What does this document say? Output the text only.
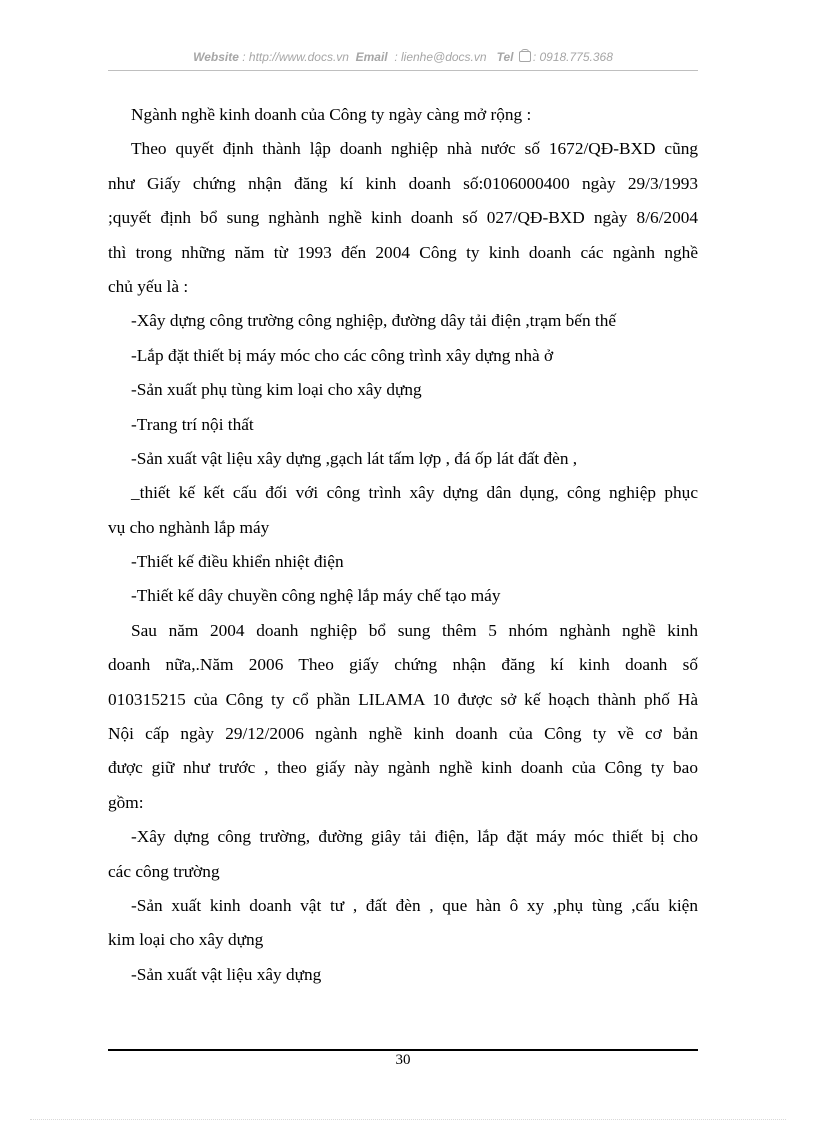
Website : http://www.docs.vn Email : lienhe@docs.vn Tel : 0918.775.368
Ngành nghề kinh doanh của Công ty ngày càng mở rộng :
Theo quyết định thành lập doanh nghiệp nhà nước số 1672/QĐ-BXD cũng
như Giấy chứng nhận đăng kí kinh doanh số:0106000400 ngày 29/3/1993
;quyết định bổ sung nghành nghề kinh doanh số 027/QĐ-BXD ngày 8/6/2004
thì trong những năm từ 1993 đến 2004 Công ty kinh doanh các ngành nghề
chủ yếu là :
-Xây dựng công trường công nghiệp, đường dây tải điện ,trạm bến thế
-Lắp đặt thiết bị máy móc cho các công trình xây dựng nhà ở
-Sản xuất phụ tùng kim loại cho xây dựng
-Trang trí nội thất
-Sản xuất vật liệu xây dựng ,gạch lát tấm lợp , đá ốp lát đất đèn ,
_thiết kế kết cấu đối với công trình xây dựng dân dụng, công nghiệp phục
vụ cho nghành lắp máy
-Thiết kế điều khiển nhiệt điện
-Thiết kế dây chuyền công nghệ lắp máy chế tạo máy
Sau năm 2004 doanh nghiệp bổ sung thêm 5 nhóm nghành nghề kinh
doanh nữa,.Năm 2006 Theo giấy chứng nhận đăng kí kinh doanh số
010315215 của Công ty cổ phần LILAMA 10 được sở kế hoạch thành phố Hà
Nội cấp ngày 29/12/2006 ngành nghề kinh doanh của Công ty về cơ bản
được giữ như trước , theo giấy này ngành nghề kinh doanh của Công ty bao
gồm:
-Xây dựng công trường, đường giây tải điện, lắp đặt máy móc thiết bị cho
các công trường
-Sản xuất kinh doanh vật tư , đất đèn , que hàn ô xy ,phụ tùng ,cấu kiện
kim loại cho xây dựng
-Sản xuất vật liệu xây dựng
30
